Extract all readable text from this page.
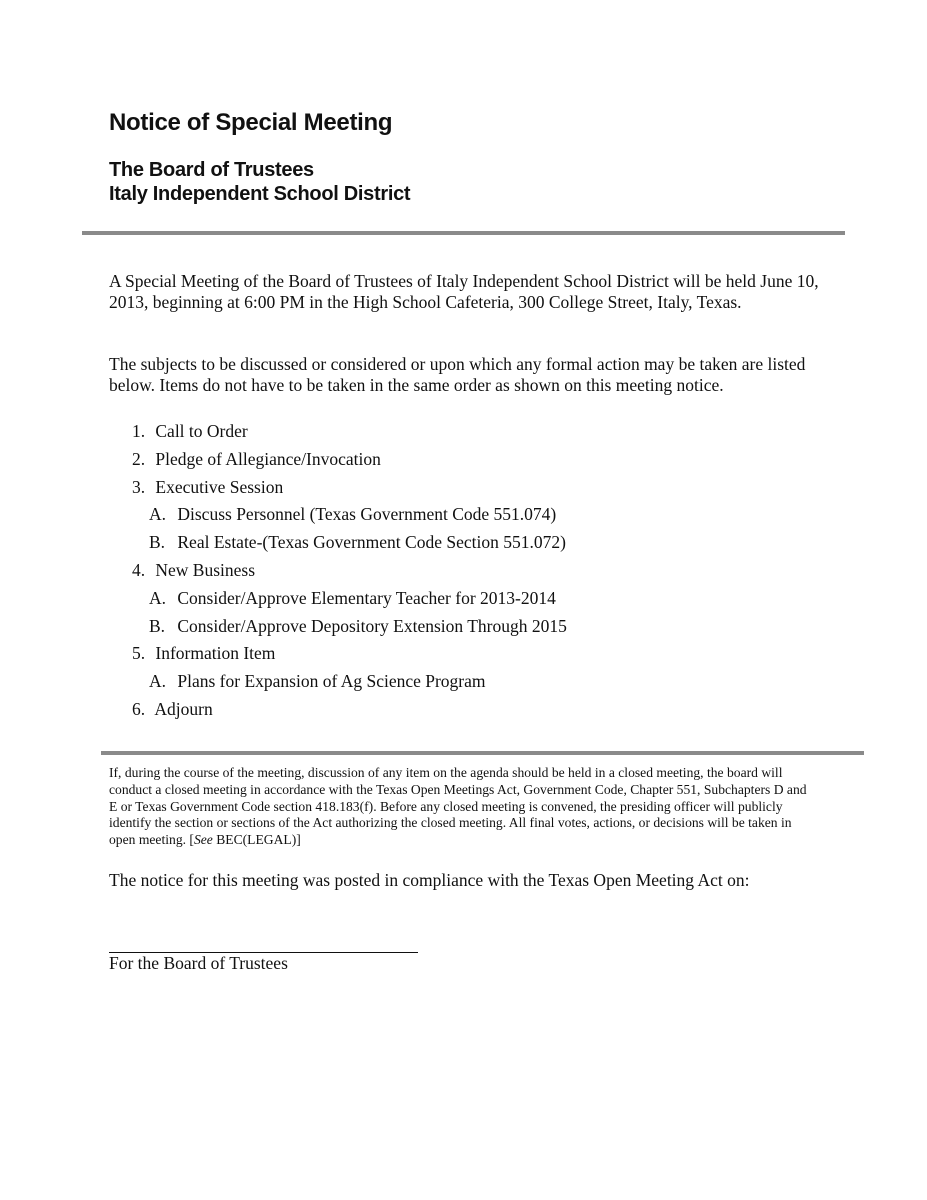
Notice of Special Meeting
The Board of Trustees
Italy Independent School District

A Special Meeting of the Board of Trustees of Italy Independent School District will be held June 10, 2013, beginning at 6:00 PM in the High School Cafeteria, 300 College Street, Italy, Texas.

The subjects to be discussed or considered or upon which any formal action may be taken are listed below. Items do not have to be taken in the same order as shown on this meeting notice.

1. Call to Order
2. Pledge of Allegiance/Invocation
3. Executive Session
A. Discuss Personnel (Texas Government Code 551.074)
B. Real Estate-(Texas Government Code Section 551.072)
4. New Business
A. Consider/Approve Elementary Teacher for 2013-2014
B. Consider/Approve Depository Extension Through 2015
5. Information Item
A. Plans for Expansion of Ag Science Program
6. Adjourn

If, during the course of the meeting, discussion of any item on the agenda should be held in a closed meeting, the board will conduct a closed meeting in accordance with the Texas Open Meetings Act, Government Code, Chapter 551, Subchapters D and E or Texas Government Code section 418.183(f). Before any closed meeting is convened, the presiding officer will publicly identify the section or sections of the Act authorizing the closed meeting. All final votes, actions, or decisions will be taken in open meeting. [See BEC(LEGAL)]

The notice for this meeting was posted in compliance with the Texas Open Meeting Act on:

For the Board of Trustees
